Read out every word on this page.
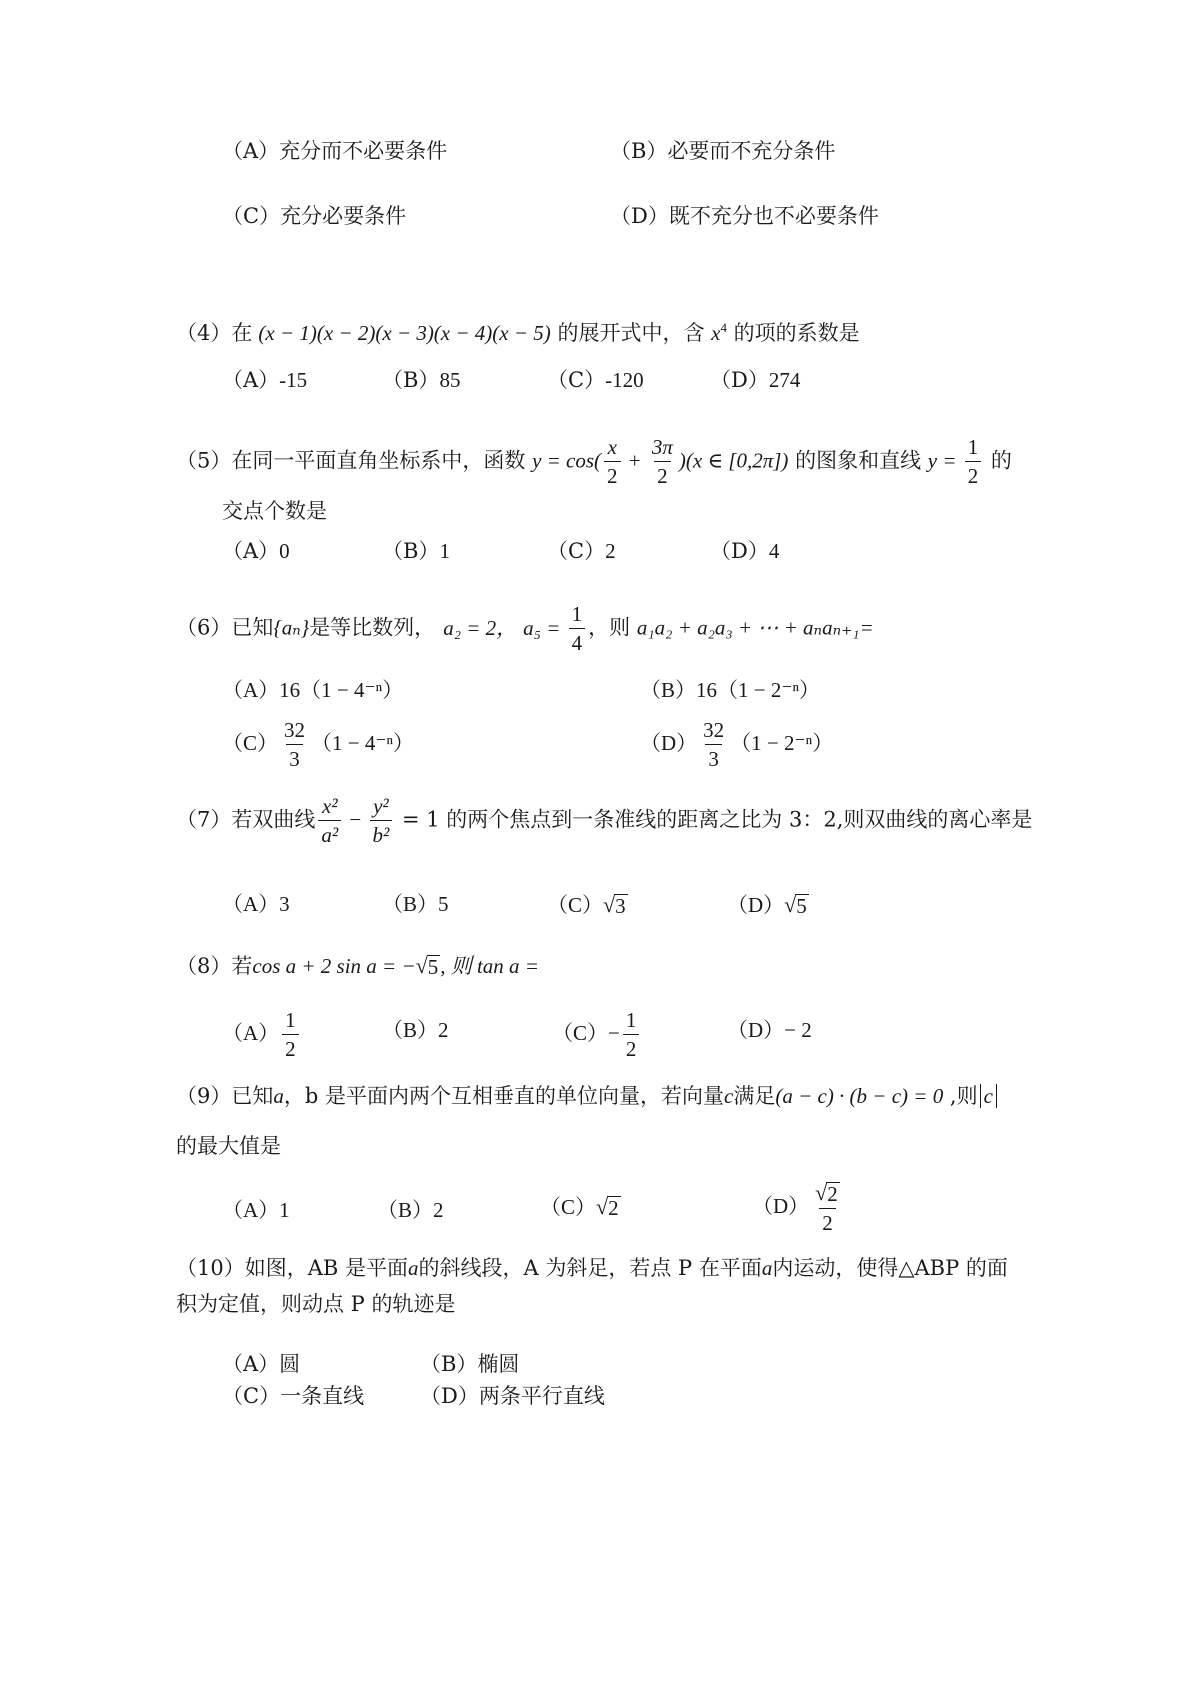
（A）充分而不必要条件	（B）必要而不充分条件
（C）充分必要条件	（D）既不充分也不必要条件
（4）在 (x − 1)(x − 2)(x − 3)(x − 4)(x − 5) 的展开式中，含 $x^4$ 的项的系数是
（A）-15	（B）85	（C）-120	（D）274
（5）在同一平面直角坐标系中，函数 $y = \cos( \frac{x}{2} + \frac{3\pi}{2} )(x$ ∈ [0,2π]) 的图象和直线 $y = \frac{1}{2}$ 的
交点个数是
（A）0	（B）1	（C）2	（D）4
（6）已知{aₙ}是等比数列， a₂ = 2， $a_5 = \frac{1}{4}$ ，则 a₁a₂ + a₂a₃ + ⋯ + aₙaₙ₊₁=
（A）16（1 − 4⁻ⁿ）	（B）16（1 − 2⁻ⁿ）
$(C) \frac{32}{3} (1 - 4^{-n})$	$(D) \frac{32}{3} (1 - 2^{-n})$
（7）若双曲线 $\frac{\text{x²}}{\text{a²}} - \frac{\text{y²}}{\text{b²}} = 1$ 的两个焦点到一条准线的距离之比为 3：2,则双曲线的离心率是
（A）3	（B）5	（C） √ 3	（D） √ 5
（8）若cos a + 2 sin a = − √ 5 , 则 tan a =
$(A) \frac{1}{2}$	（B）2	$(C)- \frac{1}{2}$	（D）− 2
（9）已知a，b 是平面内两个互相垂直的单位向量，若向量c满足(a − c) · (b − c) = 0 ,则 c
的最大值是
（A）1	（B）2	（C） √ 2	$(D) \frac{√ 2}{2}$
（10）如图，AB 是平面a的斜线段，A 为斜足，若点 P 在平面a内运动，使得△ABP 的面
积为定值，则动点 P 的轨迹是
（A）圆	（B）椭圆
（C）一条直线	（D）两条平行直线
